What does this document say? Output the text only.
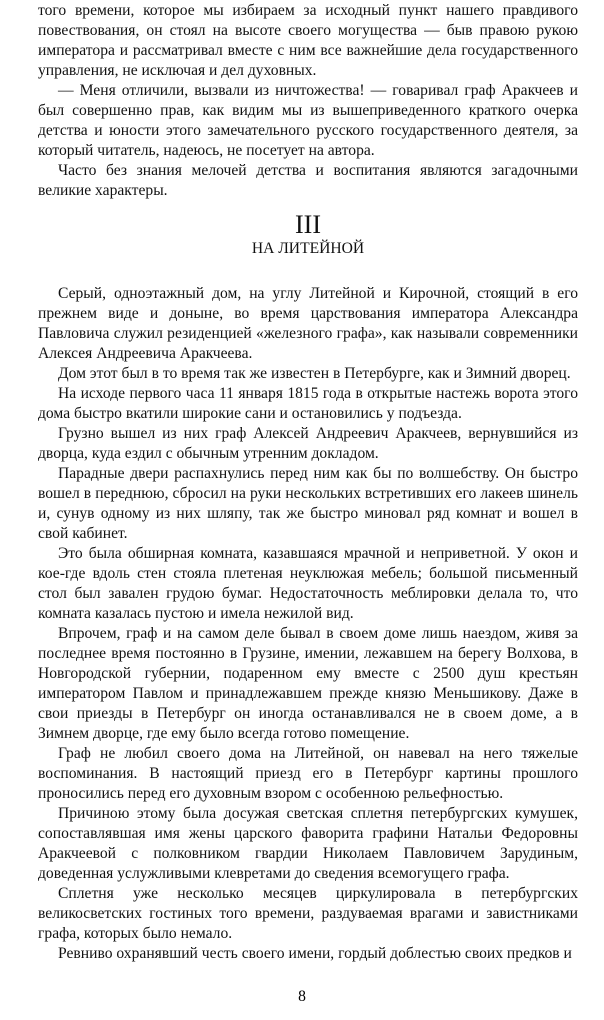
того времени, которое мы избираем за исходный пункт нашего правдивого повествования, он стоял на высоте своего могущества — быв правою рукою императора и рассматривал вместе с ним все важнейшие дела государственного управления, не исключая и дел духовных.

— Меня отличили, вызвали из ничтожества! — говаривал граф Аракчеев и был совершенно прав, как видим мы из вышеприведенного краткого очерка детства и юности этого замечательного русского государственного деятеля, за который читатель, надеюсь, не посетует на автора.

Часто без знания мелочей детства и воспитания являются загадочными великие характеры.

III
НА ЛИТЕЙНОЙ

Серый, одноэтажный дом, на углу Литейной и Кирочной, стоящий в его прежнем виде и доныне, во время царствования императора Александра Павловича служил резиденцией «железного графа», как называли современники Алексея Андреевича Аракчеева.

Дом этот был в то время так же известен в Петербурге, как и Зимний дворец.

На исходе первого часа 11 января 1815 года в открытые настежь ворота этого дома быстро вкатили широкие сани и остановились у подъезда.

Грузно вышел из них граф Алексей Андреевич Аракчеев, вернувшийся из дворца, куда ездил с обычным утренним докладом.

Парадные двери распахнулись перед ним как бы по волшебству. Он быстро вошел в переднюю, сбросил на руки нескольких встретивших его лакеев шинель и, сунув одному из них шляпу, так же быстро миновал ряд комнат и вошел в свой кабинет.

Это была обширная комната, казавшаяся мрачной и неприветной. У окон и кое-где вдоль стен стояла плетеная неуклюжая мебель; большой письменный стол был завален грудою бумаг. Недостаточность меблировки делала то, что комната казалась пустою и имела нежилой вид.

Впрочем, граф и на самом деле бывал в своем доме лишь наездом, живя за последнее время постоянно в Грузине, имении, лежавшем на берегу Волхова, в Новгородской губернии, подаренном ему вместе с 2500 душ крестьян императором Павлом и принадлежавшем прежде князю Меньшикову. Даже в свои приезды в Петербург он иногда останавливался не в своем доме, а в Зимнем дворце, где ему было всегда готово помещение.

Граф не любил своего дома на Литейной, он навевал на него тяжелые воспоминания. В настоящий приезд его в Петербург картины прошлого проносились перед его духовным взором с особенною рельефностью.

Причиною этому была досужая светская сплетня петербургских кумушек, сопоставлявшая имя жены царского фаворита графини Натальи Федоровны Аракчеевой с полковником гвардии Николаем Павловичем Зарудиным, доведенная услужливыми клевретами до сведения всемогущего графа.

Сплетня уже несколько месяцев циркулировала в петербургских великосветских гостиных того времени, раздуваемая врагами и завистниками графа, которых было немало.

Ревниво охранявший честь своего имени, гордый доблестью своих предков и

8
